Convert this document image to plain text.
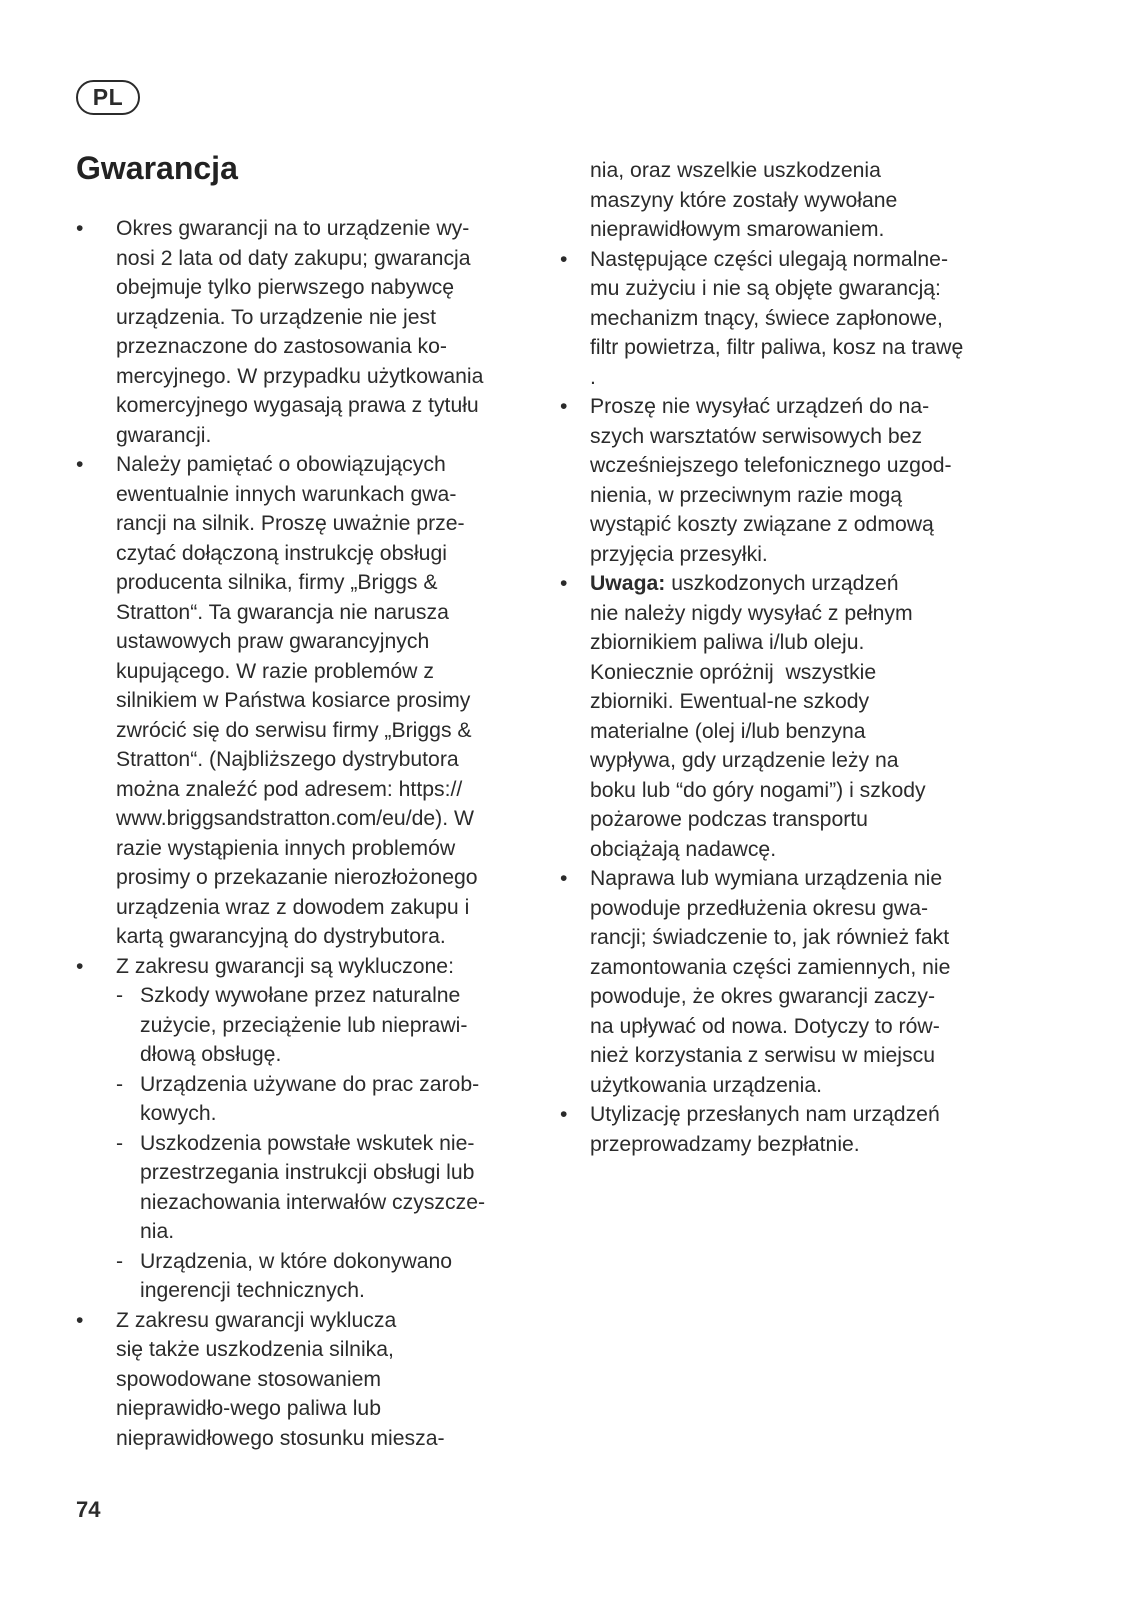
PL
Gwarancja
• Okres gwarancji na to urządzenie wy-
nosi 2 lata od daty zakupu; gwarancja
obejmuje tylko pierwszego nabywcę
urządzenia. To urządzenie nie jest
przeznaczone do zastosowania ko-
mercyjnego. W przypadku użytkowania
komercyjnego wygasają prawa z tytułu
gwarancji.
• Należy pamiętać o obowiązujących
ewentualnie innych warunkach gwa-
rancji na silnik. Proszę uważnie prze-
czytać dołączoną instrukcję obsługi
producenta silnika, firmy „Briggs &
Stratton“. Ta gwarancja nie narusza
ustawowych praw gwarancyjnych
kupującego. W razie problemów z
silnikiem w Państwa kosiarce prosimy
zwrócić się do serwisu firmy „Briggs &
Stratton“. (Najbliższego dystrybutora
można znaleźć pod adresem: https://
www.briggsandstratton.com/eu/de). W
razie wystąpienia innych problemów
prosimy o przekazanie nierozłożonego
urządzenia wraz z dowodem zakupu i
kartą gwarancyjną do dystrybutora.
• Z zakresu gwarancji są wykluczone:
- Szkody wywołane przez naturalne
zużycie, przeciążenie lub nieprawi-
dłową obsługę.
- Urządzenia używane do prac zarob-
kowych.
- Uszkodzenia powstałe wskutek nie-
przestrzegania instrukcji obsługi lub
niezachowania interwałów czyszcze-
nia.
- Urządzenia, w które dokonywano
ingerencji technicznych.
• Z zakresu gwarancji wyklucza
się także uszkodzenia silnika,
spowodowane stosowaniem
nieprawidło-wego paliwa lub
nieprawidłowego stosunku miesza-
nia, oraz wszelkie uszkodzenia
maszyny które zostały wywołane
nieprawidłowym smarowaniem.
• Następujące części ulegają normalne-
mu zużyciu i nie są objęte gwarancją:
mechanizm tnący, świece zapłonowe,
filtr powietrza, filtr paliwa, kosz na trawę
.
• Proszę nie wysyłać urządzeń do na-
szych warsztatów serwisowych bez
wcześniejszego telefonicznego uzgod-
nienia, w przeciwnym razie mogą
wystąpić koszty związane z odmową
przyjęcia przesyłki.
• Uwaga: uszkodzonych urządzeń
nie należy nigdy wysyłać z pełnym
zbiornikiem paliwa i/lub oleju.
Koniecznie opróżnij  wszystkie
zbiorniki. Ewentual-ne szkody
materialne (olej i/lub benzyna
wypływa, gdy urządzenie leży na
boku lub “do góry nogami”) i szkody
pożarowe podczas transportu
obciążają nadawcę.
• Naprawa lub wymiana urządzenia nie
powoduje przedłużenia okresu gwa-
rancji; świadczenie to, jak również fakt
zamontowania części zamiennych, nie
powoduje, że okres gwarancji zaczy-
na upływać od nowa. Dotyczy to rów-
nież korzystania z serwisu w miejscu
użytkowania urządzenia.
• Utylizację przesłanych nam urządzeń
przeprowadzamy bezpłatnie.
74
